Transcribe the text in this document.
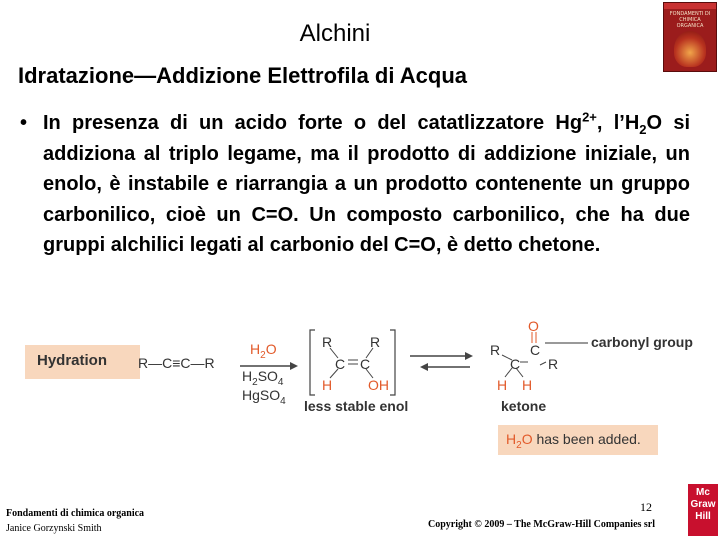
Alchini
FONDAMENTI DI CHIMICA ORGANICA
Idratazione—Addizione Elettrofila di Acqua
• In presenza di un acido forte o del catatlizzatore $Hg^{2+}$, $l’H_2O$ si addiziona al triplo legame, ma il prodotto di addizione iniziale, un enolo, è instabile e riarrangia a un prodotto contenente un gruppo carbonilico, cioè un C=O. Un composto carbonilico, che ha due gruppi alchilici legati al carbonio del C=O, è detto chetone.
Hydration R—C≡C—R
$H_2O$
$H_2SO_4$
HgSO$_4$
R	R
C C
H	OH
less stable enol
O
R
C
C
R
H H
ketone
carbonyl group
$H_2O$ has been added.
Fondamenti di chimica organica
Janice Gorzynski Smith
12
Copyright © 2009 – The McGraw-Hill Companies srl
Mc
Graw
Hill
